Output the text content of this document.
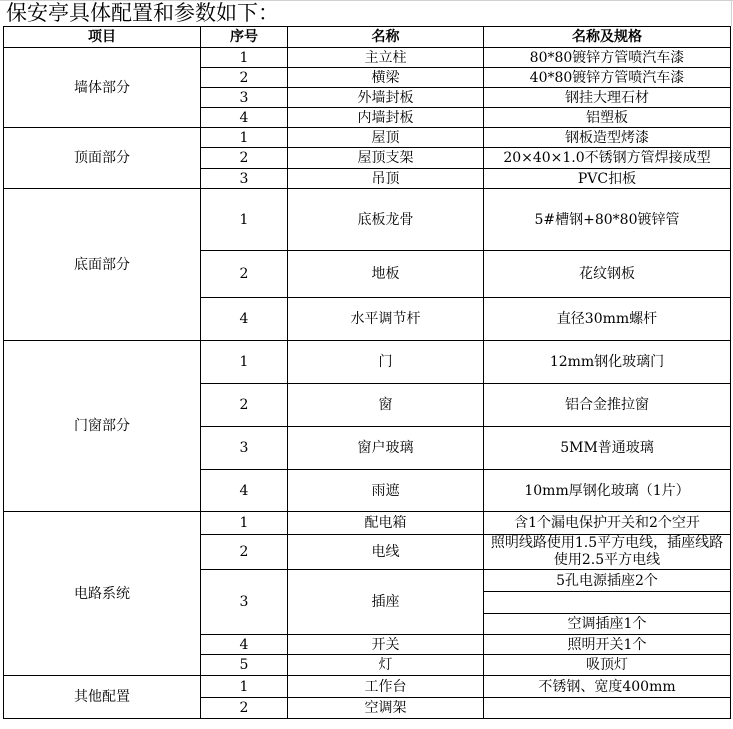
保安亭具体配置和参数如下：
项目	序号	名称	名称及规格
墙体部分	1	主立柱	80*80镀锌方管喷汽车漆
	2	横梁	40*80镀锌方管喷汽车漆
	3	外墙封板	钢挂大理石材
	4	内墙封板	铝塑板
顶面部分	1	屋顶	钢板造型烤漆
	2	屋顶支架	20×40×1.0不锈钢方管焊接成型
	3	吊顶	PVC扣板
底面部分	1	底板龙骨	5#槽钢+80*80镀锌管
	2	地板	花纹钢板
	4	水平调节杆	直径30mm螺杆
门窗部分	1	门	12mm钢化玻璃门
	2	窗	铝合金推拉窗
	3	窗户玻璃	5MM普通玻璃
	4	雨遮	10mm厚钢化玻璃（1片）
电路系统	1	配电箱	含1个漏电保护开关和2个空开
	2	电线	照明线路使用1.5平方电线，插座线路使用2.5平方电线
	3	插座	5孔电源插座2个

			空调插座1个
	4	开关	照明开关1个
	5	灯	吸顶灯
其他配置	1	工作台	不锈钢、宽度400mm
	2	空调架	
